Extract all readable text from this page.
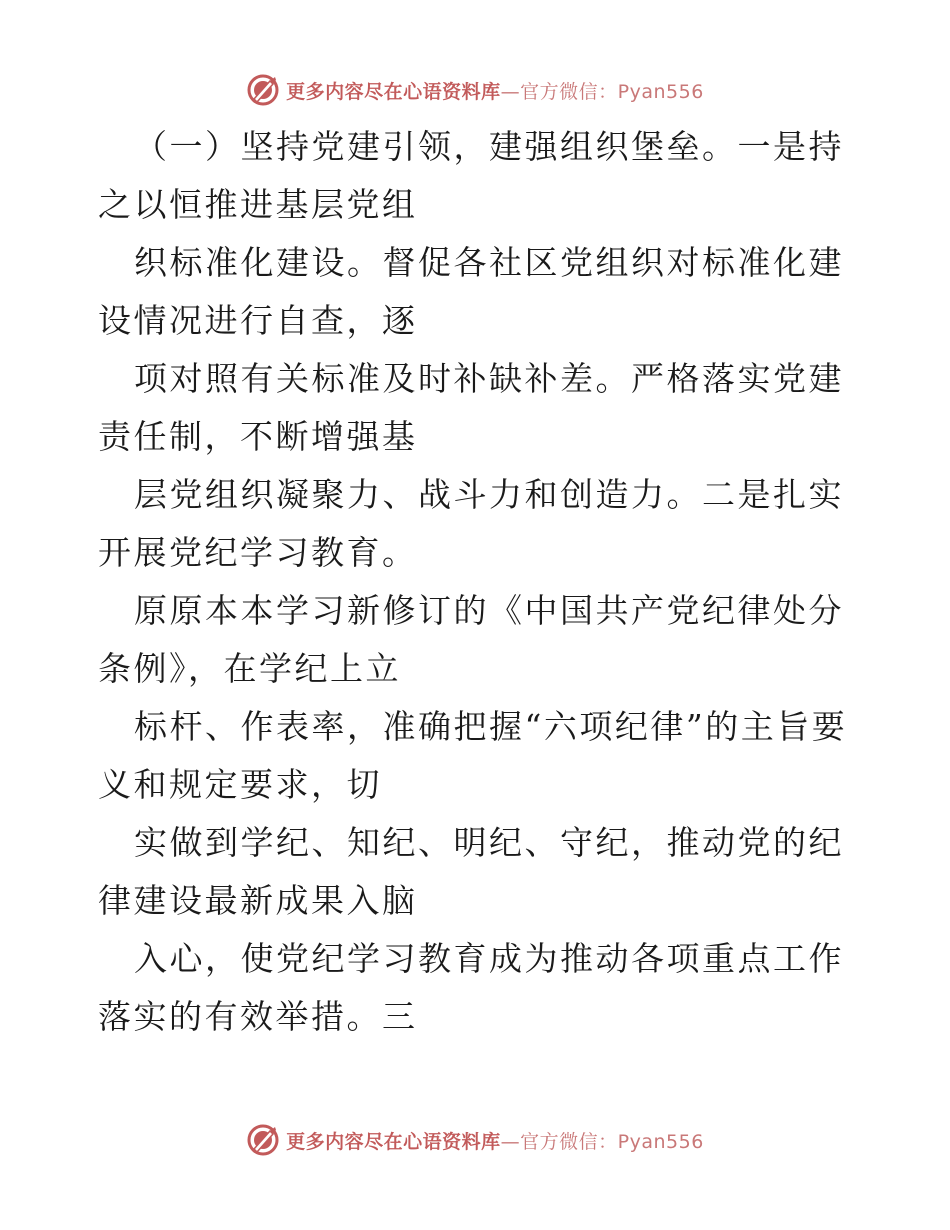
更多内容尽在心语资料库—官方微信：Pyan556

（一）坚持党建引领，建强组织堡垒。一是持之以恒推进基层党组

织标准化建设。督促各社区党组织对标准化建设情况进行自查，逐

项对照有关标准及时补缺补差。严格落实党建责任制，不断增强基

层党组织凝聚力、战斗力和创造力。二是扎实开展党纪学习教育。

原原本本学习新修订的《中国共产党纪律处分条例》，在学纪上立

标杆、作表率，准确把握“六项纪律”的主旨要义和规定要求，切

实做到学纪、知纪、明纪、守纪，推动党的纪律建设最新成果入脑

入心，使党纪学习教育成为推动各项重点工作落实的有效举措。三

更多内容尽在心语资料库—官方微信：Pyan556
